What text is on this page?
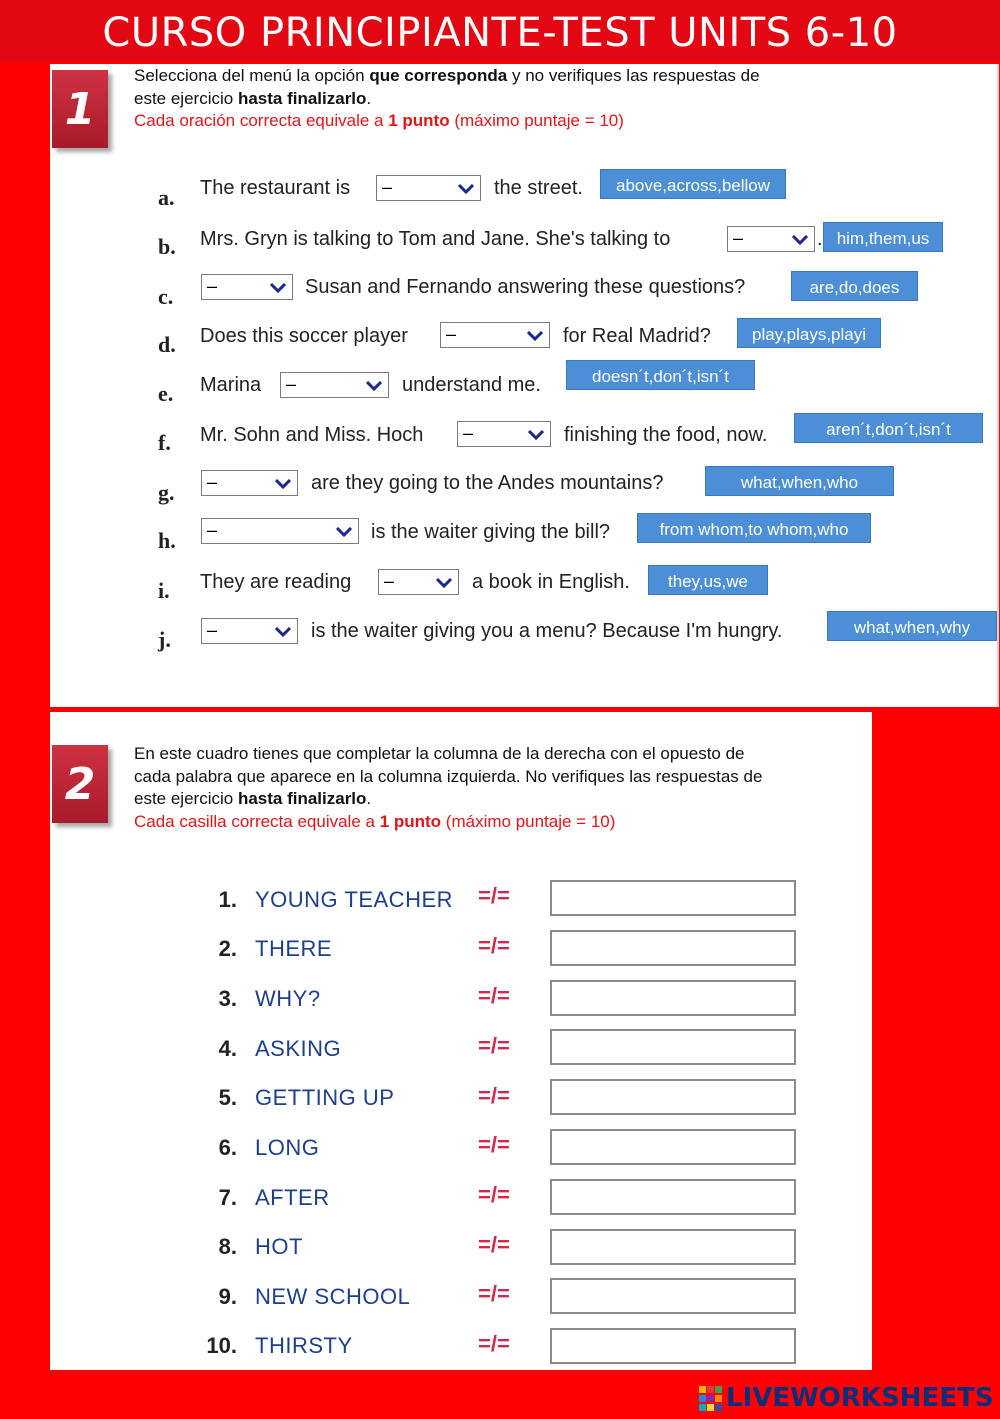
CURSO PRINCIPIANTE-TEST UNITS 6-10
1
Selecciona del menú la opción que corresponda y no verifiques las respuestas de
este ejercicio hasta finalizarlo.
Cada oración correcta equivale a 1 punto (máximo puntaje = 10)
a. The restaurant is –	the street.	above,across,bellow
b. Mrs. Gryn is talking to Tom and Jane. She's talking to	–	. him,them,us
c. –	Susan and Fernando answering these questions?	are,do,does
d. Does this soccer player –	for Real Madrid?	play,plays,playi
e. Marina –	understand me.	doesn´t,don´t,isn´t
f. Mr. Sohn and Miss. Hoch –	finishing the food, now.	aren´t,don´t,isn´t
g. –	are they going to the Andes mountains?	what,when,who
h. –	is the waiter giving the bill?	from whom,to whom,who
i. They are reading –	a book in English.	they,us,we
j. –	is the waiter giving you a menu? Because I'm hungry.	what,when,why
2
En este cuadro tienes que completar la columna de la derecha con el opuesto de
cada palabra que aparece en la columna izquierda. No verifiques las respuestas de
este ejercicio hasta finalizarlo.
Cada casilla correcta equivale a 1 punto (máximo puntaje = 10)
1. YOUNG TEACHER =/=
2. THERE	=/=
3. WHY?	=/=
4. ASKING	=/=
5. GETTING UP	=/=
6. LONG	=/=
7. AFTER	=/=
8. HOT	=/=
9. NEW SCHOOL	=/=
10. THIRSTY	=/=
LIVEWORKSHEETS
